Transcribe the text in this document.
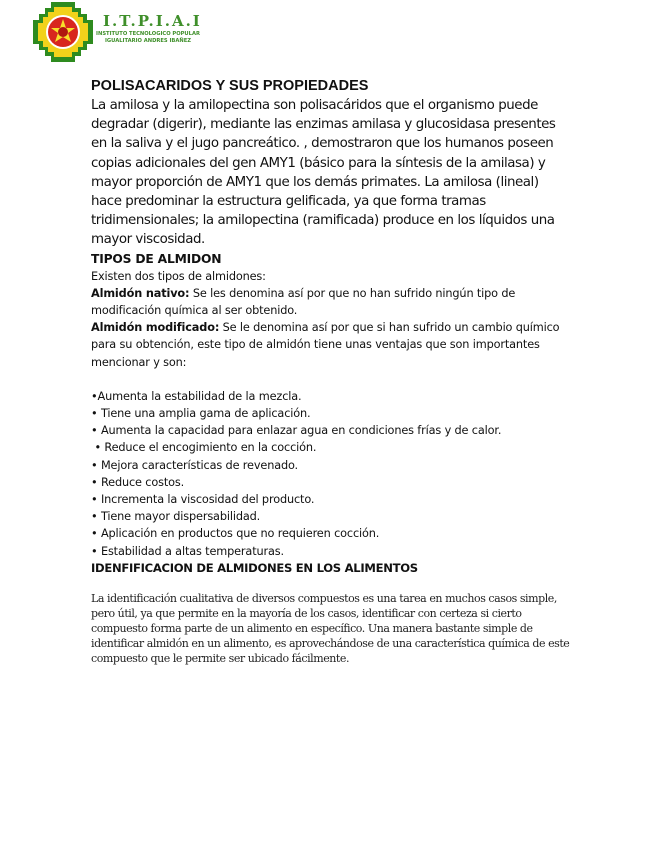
I.T.P.I.A.I
INSTITUTO TECNOLOGICO POPULAR
IGUALITARIO ANDRES IBAÑEZ
POLISACARIDOS Y SUS PROPIEDADES

La amilosa y la amilopectina son polisacáridos que el organismo puede degradar (digerir), mediante las enzimas amilasa y glucosidasa presentes en la saliva y el jugo pancreático. , demostraron que los humanos poseen copias adicionales del gen AMY1 (básico para la síntesis de la amilasa) y mayor proporción de AMY1 que los demás primates. La amilosa (lineal) hace predominar la estructura gelificada, ya que forma tramas tridimensionales; la amilopectina (ramificada) produce en los líquidos una mayor viscosidad.

TIPOS DE ALMIDON

Existen dos tipos de almidones:

Almidón nativo: Se les denomina así por que no han sufrido ningún tipo de modificación química al ser obtenido.

Almidón modificado: Se le denomina así por que si han sufrido un cambio químico para su obtención, este tipo de almidón tiene unas ventajas que son importantes mencionar y son:

•Aumenta la estabilidad de la mezcla.
• Tiene una amplia gama de aplicación.
• Aumenta la capacidad para enlazar agua en condiciones frías y de calor.
• Reduce el encogimiento en la cocción.
• Mejora características de revenado.
• Reduce costos.
• Incrementa la viscosidad del producto.
• Tiene mayor dispersabilidad.
• Aplicación en productos que no requieren cocción.
• Estabilidad a altas temperaturas.
IDENFIFICACION DE ALMIDONES EN LOS ALIMENTOS

La identificación cualitativa de diversos compuestos es una tarea en muchos casos simple, pero útil, ya que permite en la mayoría de los casos, identificar con certeza si cierto compuesto forma parte de un alimento en específico. Una manera bastante simple de identificar almidón en un alimento, es aprovechándose de una característica química de este compuesto que le permite ser ubicado fácilmente.
